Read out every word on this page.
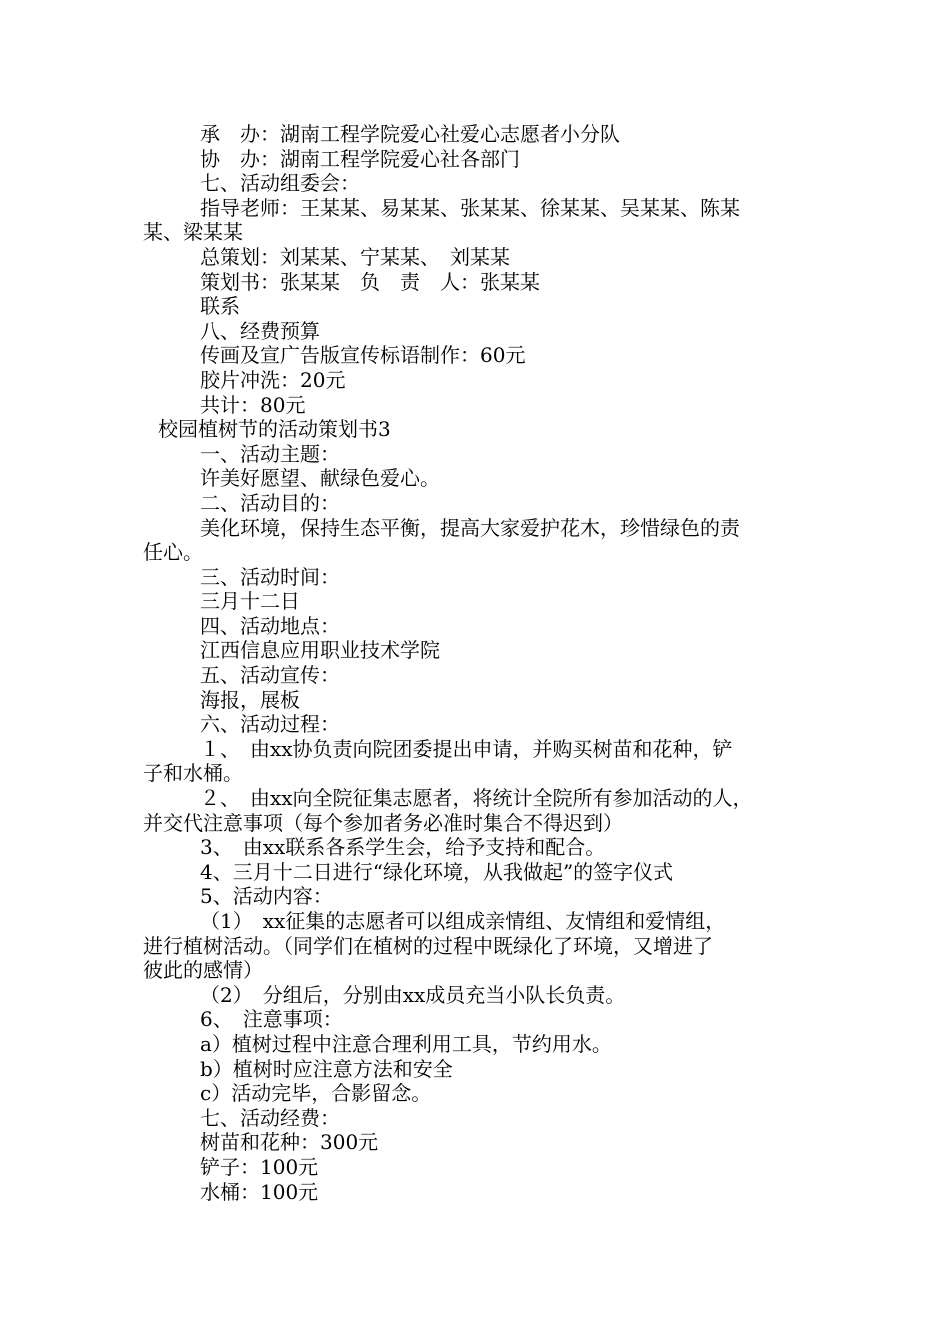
承　办：湖南工程学院爱心社爱心志愿者小分队

协　办：湖南工程学院爱心社各部门

七、活动组委会：

指导老师：王某某、易某某、张某某、徐某某、吴某某、陈某

某、梁某某

总策划：刘某某、宁某某、　刘某某

策划书：张某某　负　责　人：张某某

联系

八、经费预算

传画及宣广告版宣传标语制作：60元

胶片冲洗：20元

共计：80元

校园植树节的活动策划书3

一、活动主题：

许美好愿望、献绿色爱心。

二、活动目的：

美化环境，保持生态平衡，提高大家爱护花木，珍惜绿色的责

任心。

三、活动时间：

三月十二日

四、活动地点：

江西信息应用职业技术学院

五、活动宣传：

海报，展板

六、活动过程：

１、　由xx协负责向院团委提出申请，并购买树苗和花种，铲

子和水桶。

２、　由xx向全院征集志愿者，将统计全院所有参加活动的人，

并交代注意事项（每个参加者务必准时集合不得迟到）

3、　由xx联系各系学生会，给予支持和配合。

4、三月十二日进行“绿化环境，从我做起”的签字仪式

5、活动内容：

（1）　xx征集的志愿者可以组成亲情组、友情组和爱情组，

进行植树活动。（同学们在植树的过程中既绿化了环境，又增进了

彼此的感情）

（2）　分组后，分别由xx成员充当小队长负责。

6、　注意事项：

a）植树过程中注意合理利用工具，节约用水。

b）植树时应注意方法和安全

c）活动完毕，合影留念。

七、活动经费：

树苗和花种：300元

铲子：100元

水桶：100元
